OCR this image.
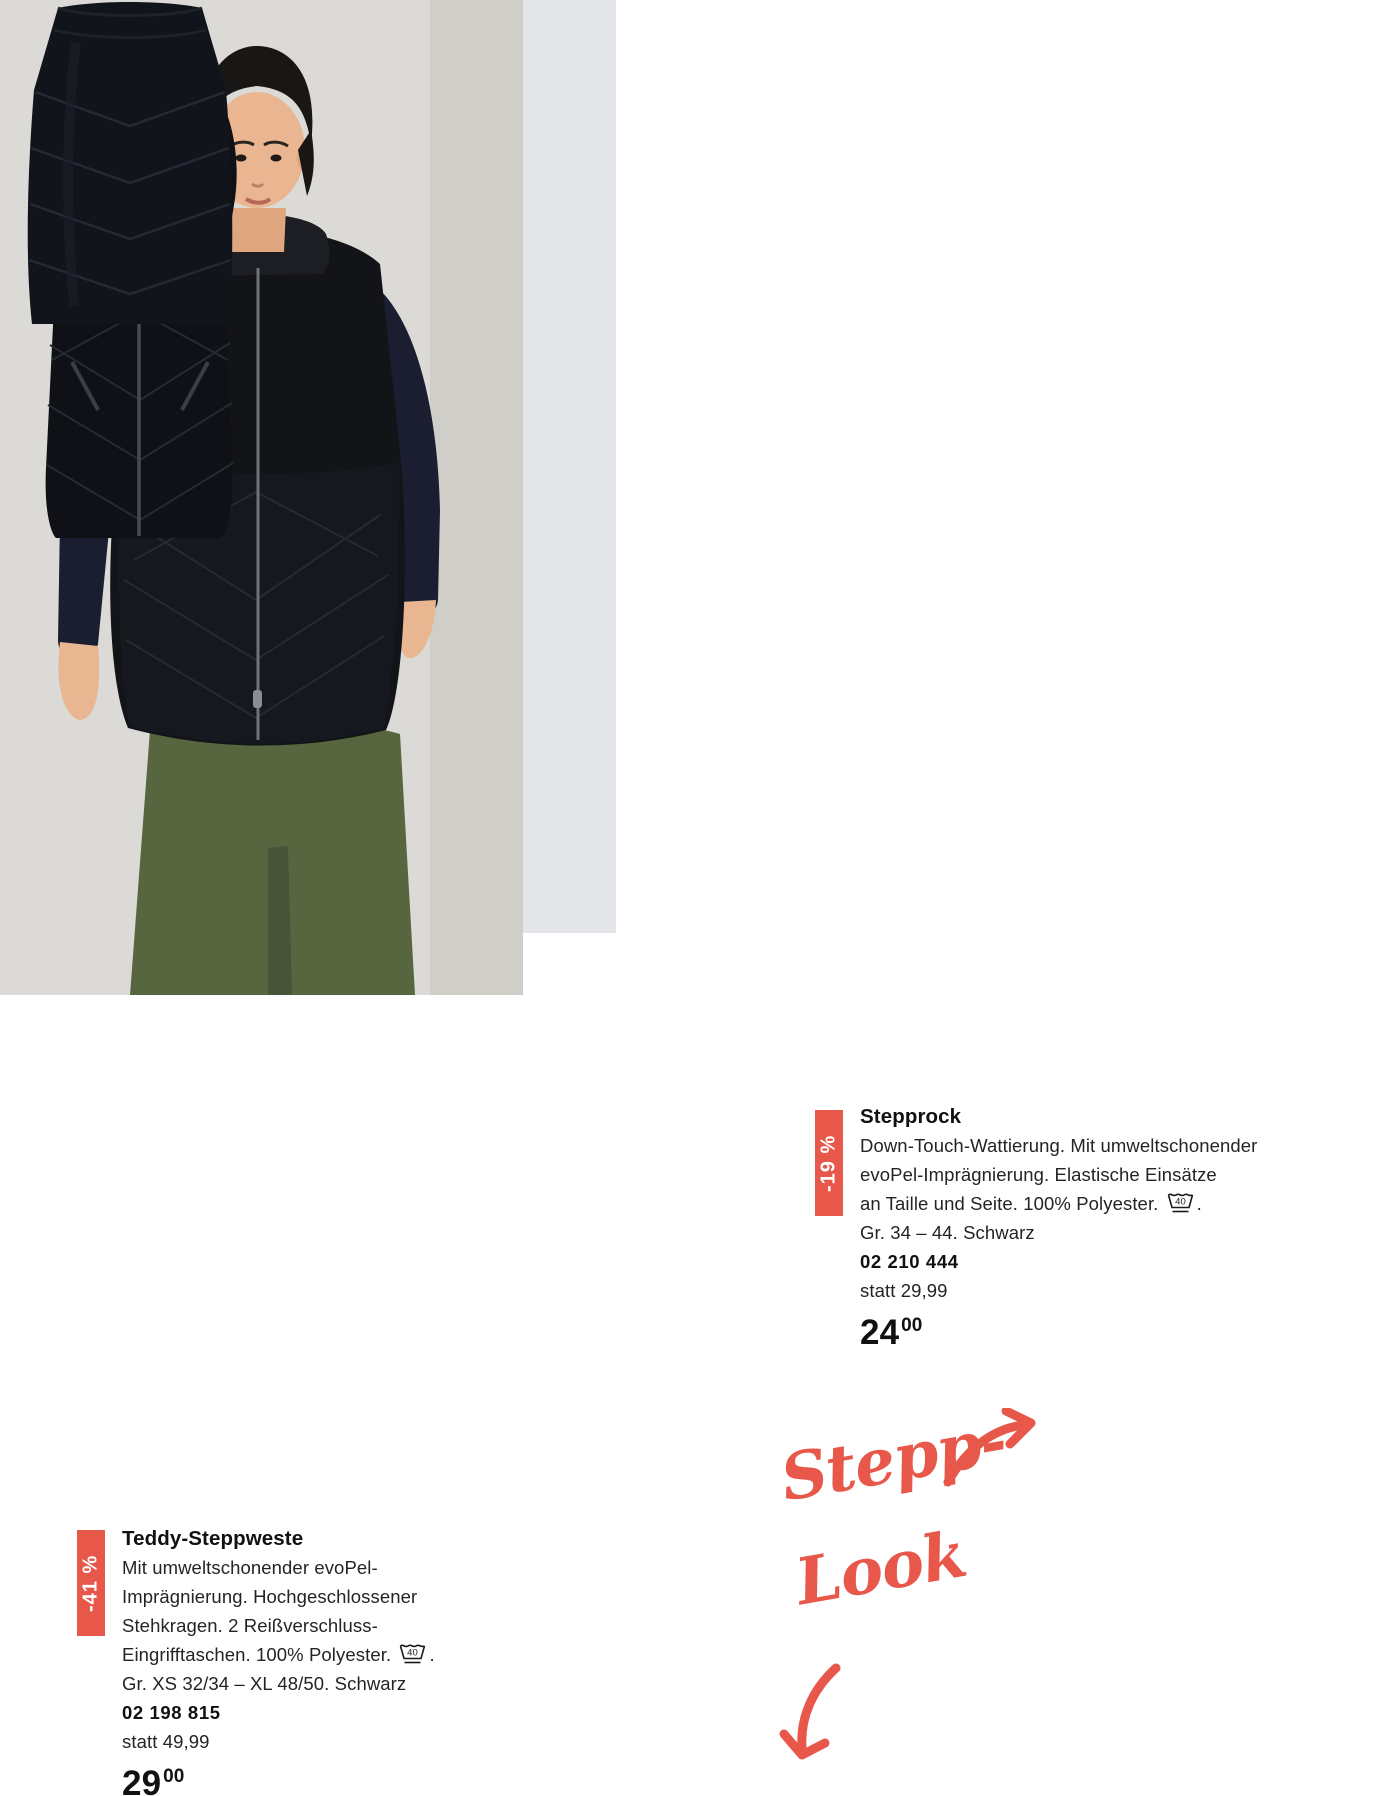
-19 %
Stepprock
Down-Touch-Wattierung. Mit umweltschonender
evoPel-Imprägnierung. Elastische Einsätze
an Taille und Seite. 100% Polyester. 40 .
Gr. 34 – 44. Schwarz
02 210 444
statt 29,99
24 $^{00}$
Stepp-
Look
-41 %
Teddy-Steppweste
Mit umweltschonender evoPel-
Imprägnierung. Hochgeschlossener
Stehkragen. 2 Reißverschluss-
Eingrifftaschen. 100% Polyester. 40 .
Gr. XS 32/34 – XL 48/50. Schwarz
02 198 815
statt 49,99
29 $^{00}$
